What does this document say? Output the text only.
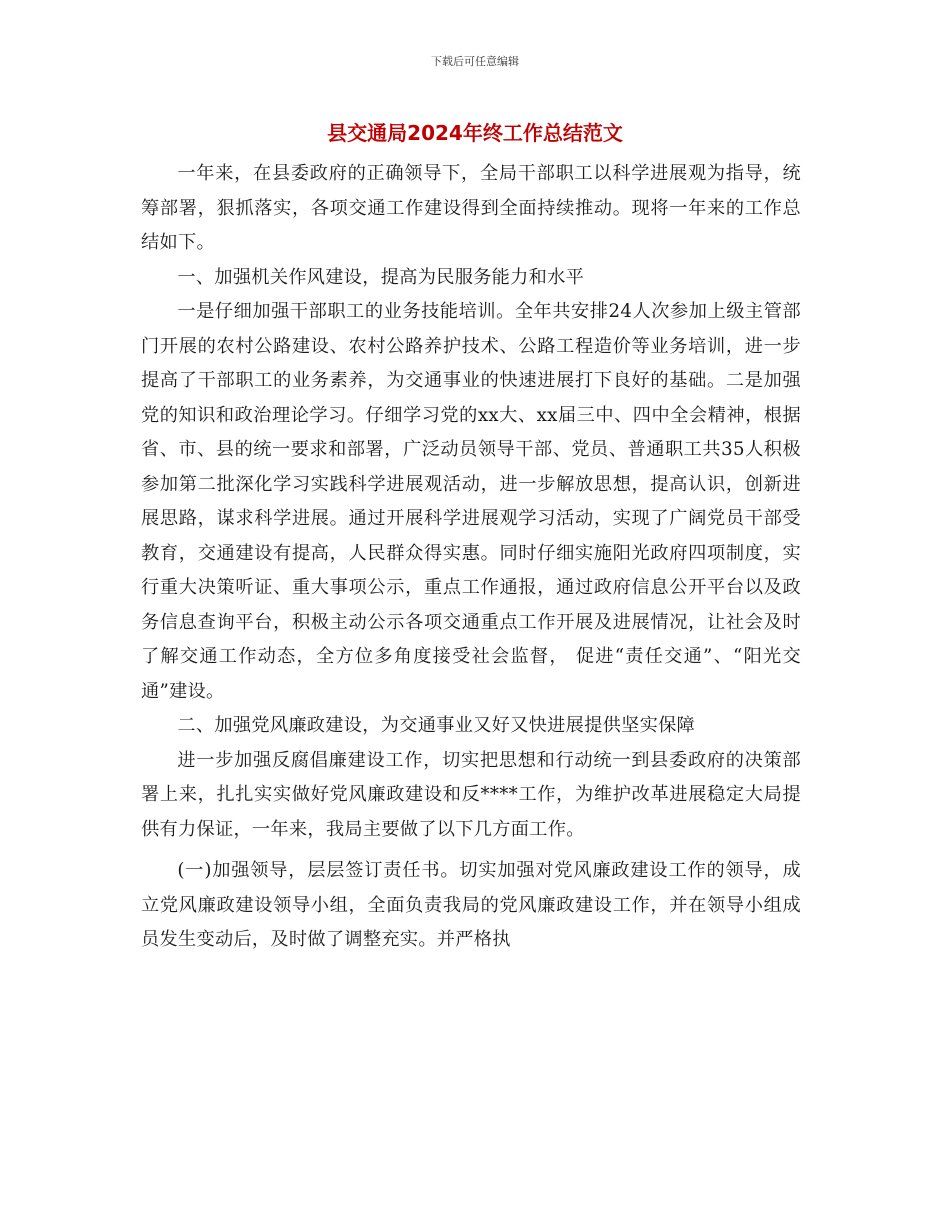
下载后可任意编辑
县交通局2024年终工作总结范文

一年来，在县委政府的正确领导下，全局干部职工以科学进展观为指导，统筹部署，狠抓落实，各项交通工作建设得到全面持续推动。现将一年来的工作总结如下。

一、加强机关作风建设，提高为民服务能力和水平

一是仔细加强干部职工的业务技能培训。全年共安排24人次参加上级主管部门开展的农村公路建设、农村公路养护技术、公路工程造价等业务培训，进一步提高了干部职工的业务素养，为交通事业的快速进展打下良好的基础。二是加强党的知识和政治理论学习。仔细学习党的xx大、xx届三中、四中全会精神，根据省、市、县的统一要求和部署，广泛动员领导干部、党员、普通职工共35人积极参加第二批深化学习实践科学进展观活动，进一步解放思想，提高认识，创新进展思路，谋求科学进展。通过开展科学进展观学习活动，实现了广阔党员干部受教育，交通建设有提高，人民群众得实惠。同时仔细实施阳光政府四项制度，实行重大决策听证、重大事项公示，重点工作通报，通过政府信息公开平台以及政务信息查询平台，积极主动公示各项交通重点工作开展及进展情况，让社会及时了解交通工作动态，全方位多角度接受社会监督， 促进“责任交通”、“阳光交通”建设。

二、加强党风廉政建设，为交通事业又好又快进展提供坚实保障

进一步加强反腐倡廉建设工作，切实把思想和行动统一到县委政府的决策部署上来，扎扎实实做好党风廉政建设和反****工作，为维护改革进展稳定大局提供有力保证，一年来，我局主要做了以下几方面工作。

(一)加强领导，层层签订责任书。切实加强对党风廉政建设工作的领导，成立党风廉政建设领导小组，全面负责我局的党风廉政建设工作，并在领导小组成员发生变动后，及时做了调整充实。并严格执
